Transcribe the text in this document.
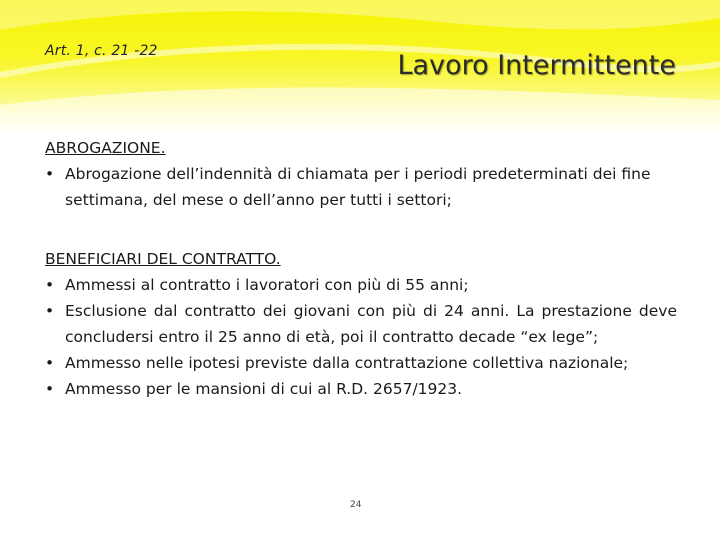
Art. 1, c. 21 -22	Lavoro Intermittente
ABROGAZIONE.
• Abrogazione dell’indennità di chiamata per i periodi predeterminati dei fine settimana, del mese o dell’anno per tutti i settori;
BENEFICIARI DEL CONTRATTO.
• Ammessi al contratto i lavoratori con più di 55 anni;
• Esclusione dal contratto dei giovani con più di 24 anni. La prestazione deve concludersi entro il 25 anno di età, poi il contratto decade “ex lege”;
• Ammesso nelle ipotesi previste dalla contrattazione collettiva nazionale;
• Ammesso per le mansioni di cui al R.D. 2657/1923.
24
